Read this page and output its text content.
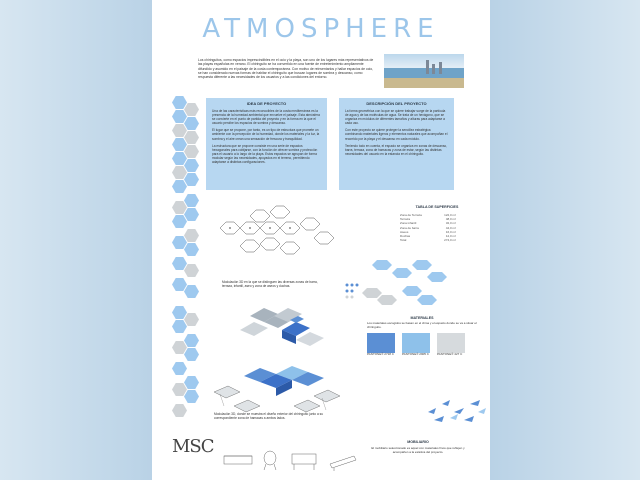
ATMOSPHERE
Los chiringuitos, como espacios imprescindibles en el ocio y la playa, son uno de los lugares más representativos de las playas españolas en verano. El chiringuito se ha convertido en una fuente de entretenimiento ampliamente difundido y asumido en el paisaje de la costa contemporánea. Con motivo de reinventarlos y hallar espacios de ocio, se han considerado nuevas formas de habitar el chiringuito que buscan lugares de sombra y descanso, como respuesta diferente a las necesidades de los usuarios y a las condiciones del entorno.
IDEA DE PROYECTO

Una de las características más reconocibles de la costa mediterránea es la presencia de la humedad ambiental que envuelve el paisaje. Esta atmósfera se convierte en el punto de partida del proyecto y en la forma en la que el usuario percibe los espacios de sombra y descanso.

El lugar que se propone, por tanto, es un tipo de estructura que promete un ambiente con la percepción de la humedad, donde los materiales y la luz, la sombra y el aire crean una sensación de frescura y tranquilidad.

La estructura que se propone consiste en una serie de espacios hexagonales para cobijarse, con la función de ofrecer sombra y protección para el usuario a lo largo de la playa. Estos espacios se agrupan de forma modular según las necesidades, apoyados en el terreno, permitiendo adaptarse a distintas configuraciones.

DESCRIPCIÓN DEL PROYECTO

La forma geométrica con la que se quiere trabajar surge de la partícula de agua y de las moléculas de agua. Se trata de un hexágono, que se organiza en módulos de diferentes tamaños y alturas para adaptarse a cada uso.

Con este proyecto se quiere proteger la sencillez estratégica combinando materiales ligeros y elementos naturales que acompañan el recorrido por la playa y el descanso en cada módulo.

Teniendo todo en cuenta, el espacio se organiza en zonas de descanso, barra, terraza, zona de hamacas y zona de estar, según las distintas necesidades del usuario en la estancia en el chiringuito.

Modulación 3D en la que se distinguen las diversas zonas de barra, terraza, infantil, aseo y zona de aseos y duchas.
TABLA DE SUPERFICIES
Zona de Terraza	122,0 m²
Terraza	48,0 m²
Zona infantil	32,0 m²
Zona de barra	44,0 m²
Aseos	16,0 m²
Duchas	12,0 m²
Total	274,0 m²
MATERIALES
Los materiales escogidos se basan en el clima y el espacio donde se va a situar el chiringuito.
PANTONE® 2718 C	PANTONE® 2905 C	PANTONE® 427 C
Modulación 3D, donde se muestra el diseño exterior del chiringuito junto a su correspondiente zona de hamacas a ambos lados.
MSC	MOBILIARIO
El mobiliario seleccionado es aquel con materiales finos que reflejen y acompañen a la estética del proyecto.
